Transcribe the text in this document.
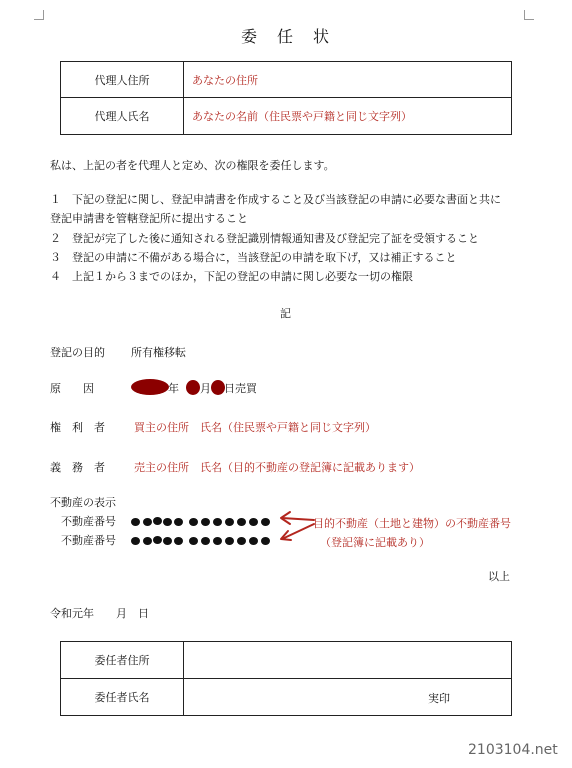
委　任　状
代理人住所	あなたの住所
代理人氏名	あなたの名前（住民票や戸籍と同じ文字列）
私は、上記の者を代理人と定め、次の権限を委任します。
１　下記の登記に関し、登記申請書を作成すること及び当該登記の申請に必要な書面と共に
登記申請書を管轄登記所に提出すること
２　登記が完了した後に通知される登記識別情報通知書及び登記完了証を受領すること
３　登記の申請に不備がある場合に，当該登記の申請を取下げ，又は補正すること
４　上記１から３までのほか，下記の登記の申請に関し必要な一切の権限
記
登記の目的 所有権移転
原　　因	年 月 日売買
権　利　者	買主の住所　氏名（住民票や戸籍と同じ文字列）
義　務　者	売主の住所　氏名（目的不動産の登記簿に記載あります）
不動産の表示
不動産番号
不動産番号
目的不動産（土地と建物）の不動産番号
（登記簿に記載あり）
以上
令和元年　　月　日
委任者住所	
委任者氏名	実印
2103104.net
